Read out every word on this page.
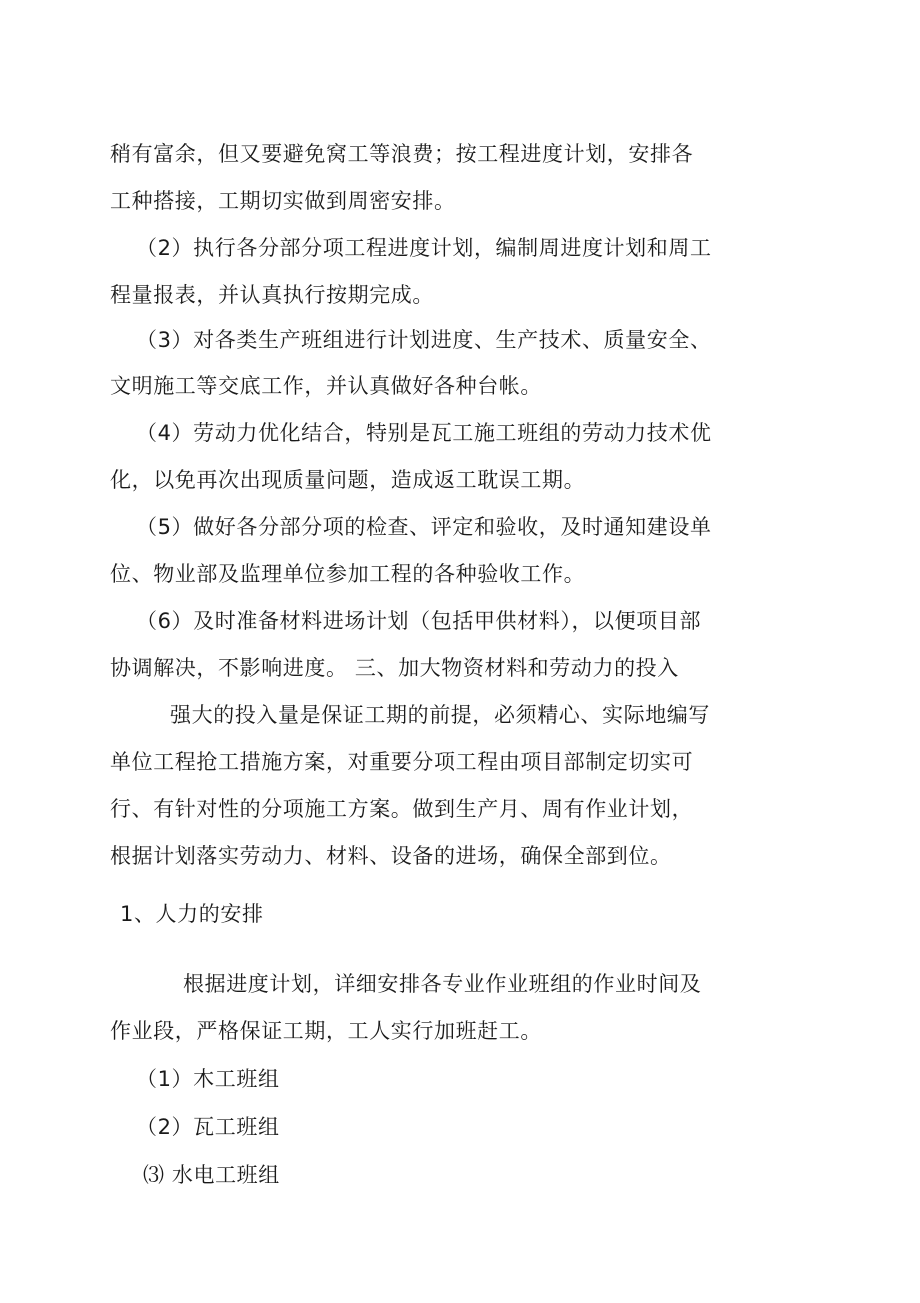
稍有富余，但又要避免窝工等浪费；按工程进度计划，安排各
工种搭接，工期切实做到周密安排。
（2）执行各分部分项工程进度计划，编制周进度计划和周工
程量报表，并认真执行按期完成。
（3）对各类生产班组进行计划进度、生产技术、质量安全、
文明施工等交底工作，并认真做好各种台帐。
（4）劳动力优化结合，特别是瓦工施工班组的劳动力技术优
化，以免再次出现质量问题，造成返工耽误工期。
（5）做好各分部分项的检查、评定和验收，及时通知建设单
位、物业部及监理单位参加工程的各种验收工作。
（6）及时准备材料进场计划（包括甲供材料），以便项目部
协调解决，不影响进度。 三、加大物资材料和劳动力的投入
强大的投入量是保证工期的前提，必须精心、实际地编写
单位工程抢工措施方案，对重要分项工程由项目部制定切实可
行、有针对性的分项施工方案。做到生产月、周有作业计划，
根据计划落实劳动力、材料、设备的进场，确保全部到位。
1、人力的安排
根据进度计划，详细安排各专业作业班组的作业时间及
作业段，严格保证工期，工人实行加班赶工。
（1）木工班组
（2）瓦工班组
⑶ 水电工班组
